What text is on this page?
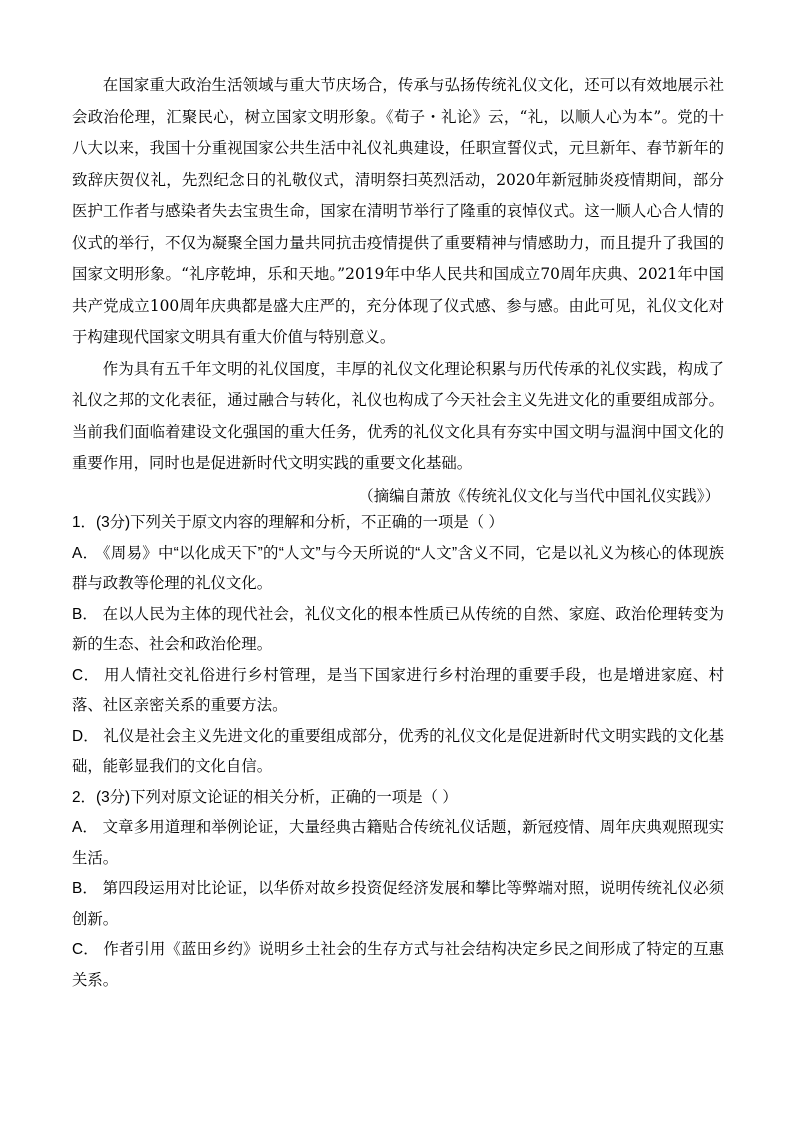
在国家重大政治生活领域与重大节庆场合，传承与弘扬传统礼仪文化，还可以有效地展示社会政治伦理，汇聚民心，树立国家文明形象。《荀子・礼论》云，“礼，以顺人心为本”。党的十八大以来，我国十分重视国家公共生活中礼仪礼典建设，任职宣誓仪式，元旦新年、春节新年的致辞庆贺仪礼，先烈纪念日的礼敬仪式，清明祭扫英烈活动，2020年新冠肺炎疫情期间，部分医护工作者与感染者失去宝贵生命，国家在清明节举行了隆重的哀悼仪式。这一顺人心合人情的仪式的举行，不仅为凝聚全国力量共同抗击疫情提供了重要精神与情感助力，而且提升了我国的国家文明形象。“礼序乾坤，乐和天地。”2019年中华人民共和国成立70周年庆典、2021年中国共产党成立100周年庆典都是盛大庄严的，充分体现了仪式感、参与感。由此可见，礼仪文化对于构建现代国家文明具有重大价值与特别意义。

作为具有五千年文明的礼仪国度，丰厚的礼仪文化理论积累与历代传承的礼仪实践，构成了礼仪之邦的文化表征，通过融合与转化，礼仪也构成了今天社会主义先进文化的重要组成部分。当前我们面临着建设文化强国的重大任务，优秀的礼仪文化具有夯实中国文明与温润中国文化的重要作用，同时也是促进新时代文明实践的重要文化基础。

（摘编自萧放《传统礼仪文化与当代中国礼仪实践》）

1．(3分)下列关于原文内容的理解和分析，不正确的一项是（ ）

A． 《周易》中“以化成天下”的“人文”与今天所说的“人文”含义不同，它是以礼义为核心的体现族群与政教等伦理的礼仪文化。

B． 在以人民为主体的现代社会，礼仪文化的根本性质已从传统的自然、家庭、政治伦理转变为新的生态、社会和政治伦理。

C． 用人情社交礼俗进行乡村管理，是当下国家进行乡村治理的重要手段，也是增进家庭、村落、社区亲密关系的重要方法。

D． 礼仪是社会主义先进文化的重要组成部分，优秀的礼仪文化是促进新时代文明实践的文化基础，能彰显我们的文化自信。

2．(3分)下列对原文论证的相关分析，正确的一项是（ ）

A． 文章多用道理和举例论证，大量经典古籍贴合传统礼仪话题，新冠疫情、周年庆典观照现实生活。

B． 第四段运用对比论证，以华侨对故乡投资促经济发展和攀比等弊端对照，说明传统礼仪必须创新。

C． 作者引用《蓝田乡约》说明乡土社会的生存方式与社会结构决定乡民之间形成了特定的互惠关系。
